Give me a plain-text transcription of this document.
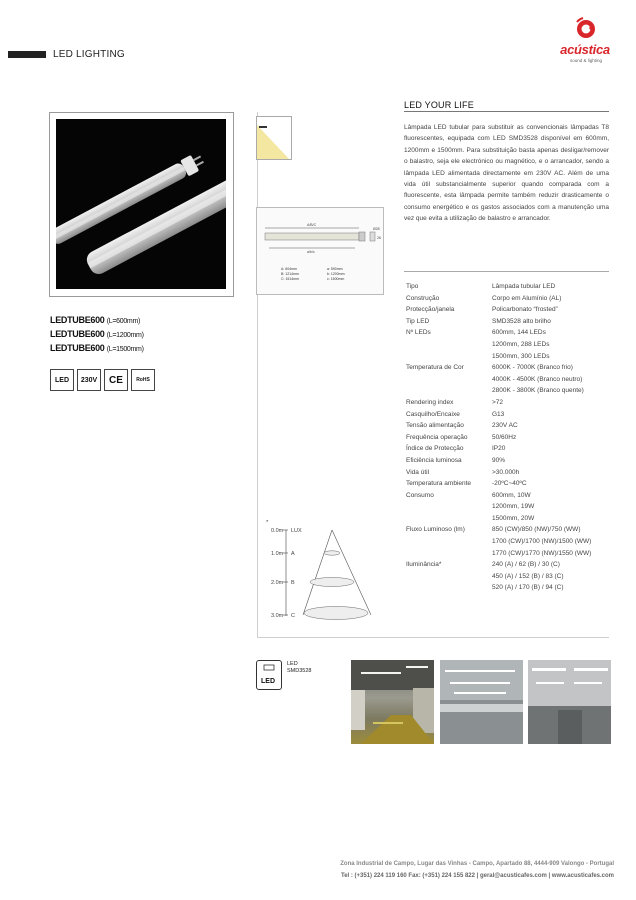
LED LIGHTING	acústica
sound & lighting
LEDTUBE600 (L=600mm)
LEDTUBE600 (L=1200mm)
LEDTUBE600 (L=1500mm)
LED 230V CE	RoHS
LED YOUR LIFE
A/B/C
a/b/c
Ø28
26
A: 604mm
B: 1214mm
C: 1514mm
a: 590mm
b: 1200mm
c: 1500mm
Lâmpada LED tubular para substituir as convencionais lâmpadas T8 fluorescentes, equipada com LED SMD3528 disponível em 600mm, 1200mm e 1500mm. Para substituição basta apenas desligar/remover o balastro, seja ele electrónico ou magnético, e o arrancador, sendo a lâmpada LED alimentada directamente em 230V AC. Além de uma vida útil substancialmente superior quando comparada com a fluorescente, esta lâmpada permite também reduzir drasticamente o consumo energético e os gastos associados com a manutenção uma vez que evita a utilização de balastro e arrancador.
Tipo	Lâmpada tubular LED
Construção	Corpo em Alumínio (AL)
Protecção/janela	Policarbonato “frosted”
Tip LED	SMD3528 alto brilho
Nº LEDs	600mm, 144 LEDs
1200mm, 288 LEDs
1500mm, 300 LEDs
Temperatura de Cor	6000K - 7000K (Branco frio)
4000K - 4500K (Branco neutro)
2800K - 3800K (Branco quente)
Rendering index	>72
Casquilho/Encaixe	G13
Tensão alimentação	230V AC
Frequência operação	50/60Hz
Índice de Protecção	IP20
Eficiência luminosa	90%
Vida útil	>30.000h
Temperatura ambiente	-20ºC~40ºC
Consumo	600mm, 10W
1200mm, 19W
1500mm, 20W
Fluxo Luminoso (lm)	850 (CW)/850 (NW)/750 (WW)
1700 (CW)/1700 (NW)/1500 (WW)
1770 (CW)/1770 (NW)/1550 (WW)
Iluminância*	240 (A) / 62 (B) / 30 (C)
450 (A) / 152 (B) / 83 (C)
520 (A) / 170 (B) / 94 (C)
*
0.0m
1.0m
2.0m
3.0m
LUX
A
B
C
LED
LED
SMD3528
Zona Industrial de Campo, Lugar das Vinhas - Campo, Apartado 88, 4444-909 Valongo - Portugal
Tel : (+351) 224 119 160 Fax: (+351) 224 155 822 | geral@acusticafes.com | www.acusticafes.com
